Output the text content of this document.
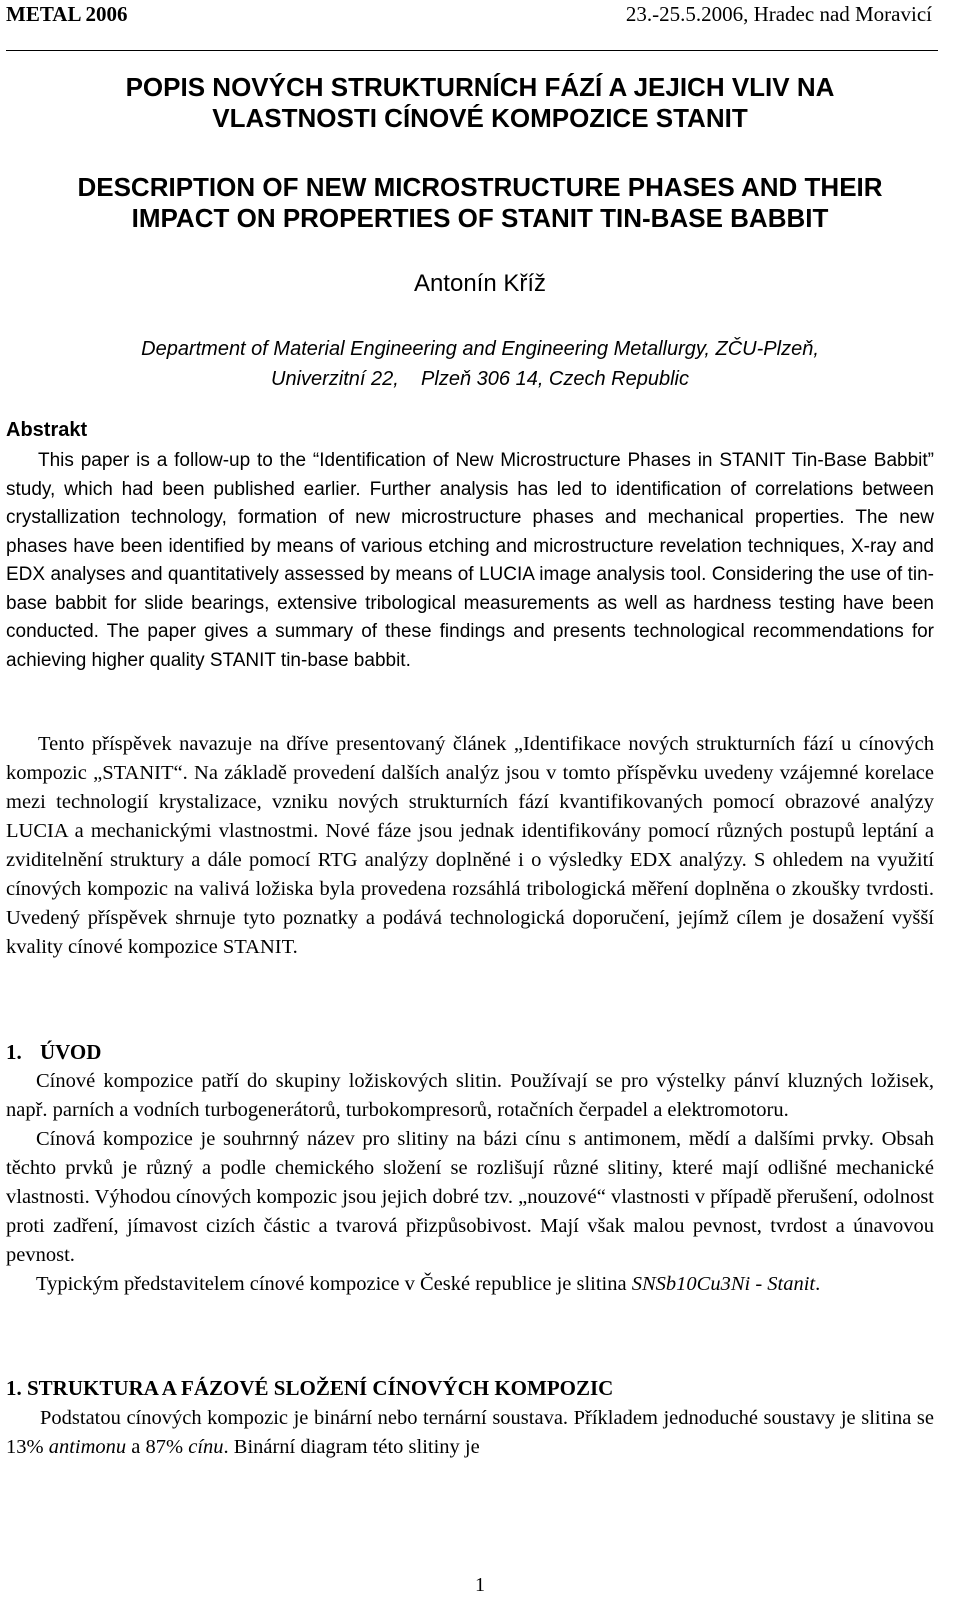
METAL 2006	23.-25.5.2006, Hradec nad Moravicí
POPIS NOVÝCH STRUKTURNÍCH FÁZÍ A JEJICH VLIV NA
VLASTNOSTI CÍNOVÉ KOMPOZICE STANIT
DESCRIPTION OF NEW MICROSTRUCTURE PHASES AND THEIR
IMPACT ON PROPERTIES OF STANIT TIN-BASE BABBIT
Antonín Kříž
Department of Material Engineering and Engineering Metallurgy, ZČU-Plzeň,
Univerzitní 22,    Plzeň 306 14, Czech Republic
Abstrakt
This paper is a follow-up to the “Identification of New Microstructure Phases in STANIT Tin-Base Babbit” study, which had been published earlier. Further analysis has led to identification of correlations between crystallization technology, formation of new microstructure phases and mechanical properties. The new phases have been identified by means of various etching and microstructure revelation techniques, X-ray and EDX analyses and quantitatively assessed by means of LUCIA image analysis tool. Considering the use of tin-base babbit for slide bearings, extensive tribological measurements as well as hardness testing have been conducted. The paper gives a summary of these findings and presents technological recommendations for achieving higher quality STANIT tin-base babbit.
Tento příspěvek navazuje na dříve presentovaný článek „Identifikace nových strukturních fází u cínových kompozic „STANIT“. Na základě provedení dalších analýz jsou v tomto příspěvku uvedeny vzájemné korelace mezi technologií krystalizace, vzniku nových strukturních fází kvantifikovaných pomocí obrazové analýzy LUCIA a mechanickými vlastnostmi. Nové fáze jsou jednak identifikovány pomocí různých postupů leptání a zviditelnění struktury a dále pomocí RTG analýzy doplněné i o výsledky EDX analýzy. S ohledem na využití cínových kompozic na valivá ložiska byla provedena rozsáhlá tribologická měření doplněna o zkoušky tvrdosti. Uvedený příspěvek shrnuje tyto poznatky a podává technologická doporučení, jejímž cílem je dosažení vyšší kvality cínové kompozice STANIT.
1. ÚVOD

Cínové kompozice patří do skupiny ložiskových slitin. Používají se pro výstelky pánví kluzných ložisek, např. parních a vodních turbogenerátorů, turbokompresorů, rotačních čerpadel a elektromotoru.

Cínová kompozice je souhrnný název pro slitiny na bázi cínu s antimonem, mědí a dalšími prvky. Obsah těchto prvků je různý a podle chemického složení se rozlišují různé slitiny, které mají odlišné mechanické vlastnosti. Výhodou cínových kompozic jsou jejich dobré tzv. „nouzové“ vlastnosti v případě přerušení, odolnost proti zadření, jímavost cizích částic a tvarová přizpůsobivost. Mají však malou pevnost, tvrdost a únavovou pevnost.

Typickým představitelem cínové kompozice v České republice je slitina SNSb10Cu3Ni - Stanit.

1. STRUKTURA A FÁZOVÉ SLOŽENÍ CÍNOVÝCH KOMPOZIC
Podstatou cínových kompozic je binární nebo ternární soustava. Příkladem jednoduché soustavy je slitina se 13% antimonu a 87% cínu. Binární diagram této slitiny je
1
